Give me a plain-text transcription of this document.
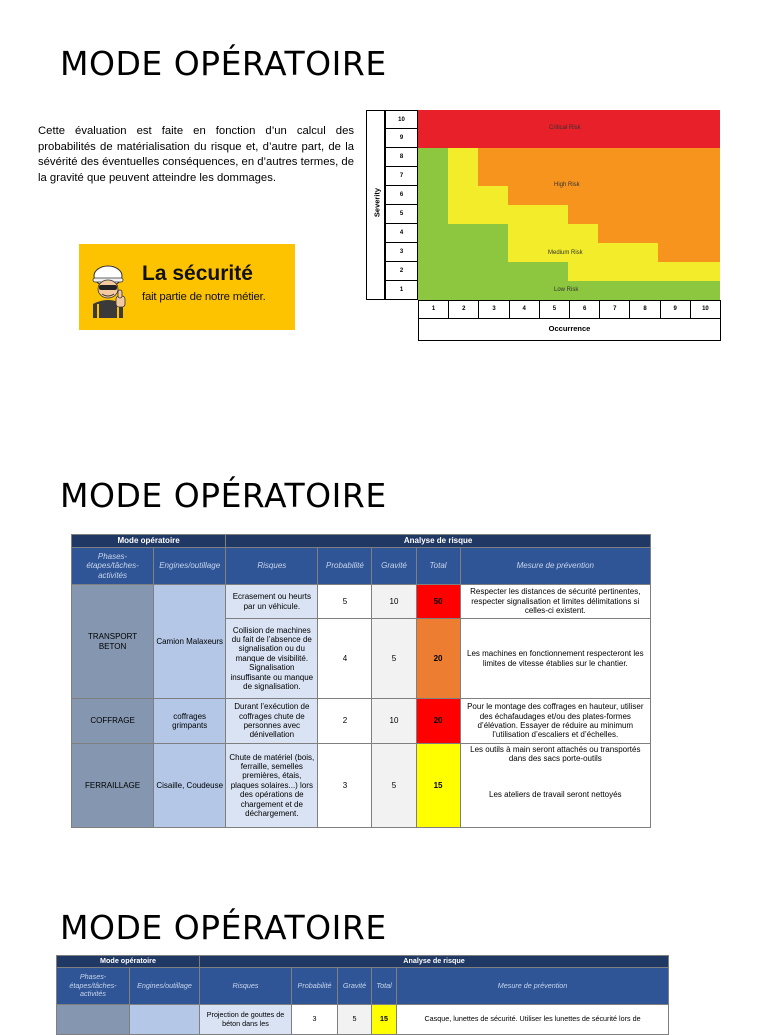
MODE OPÉRATOIRE
MODE OPÉRATOIRE
MODE OPÉRATOIRE
Cette évaluation est faite en fonction d’un calcul des probabilités de matérialisation du risque et, d’autre part, de la sévérité des éventuelles conséquences, en d’autres termes, de la gravité que peuvent atteindre les dommages.
La sécurité
fait partie de notre métier.
Severity
10
9
8
7
6
5
4
3
2
1
Critical Risk
High Risk
Medium Risk
Low Risk
1	2	3	4	5	6	7	8	9	10
Occurrence
Mode opératoire		Analyse de risque				
Phases-étapes/tâches-activités	Engines/outillage	Risques	Probabilité	Gravité	Total	Mesure de prévention
TRANSPORT BETON	Camion Malaxeurs	Ecrasement ou heurts par un véhicule.	5	10	50	Respecter les distances de sécurité pertinentes, respecter signalisation et limites délimitations si celles-ci existent.
		Collision de machines du fait de l’absence de signalisation ou du manque de visibilité. Signalisation insuffisante ou manque de signalisation.	4	5	20	Les machines en fonctionnement respecteront les limites de vitesse établies sur le chantier.
COFFRAGE	coffrages grimpants	Durant l’exécution de coffrages chute de personnes avec dénivellation	2	10	20	Pour le montage des coffrages en hauteur, utiliser des échafaudages et/ou des plates-formes d’élévation. Essayer de réduire au minimum l’utilisation d’escaliers et d’échelles.
FERRAILLAGE	Cisaille, Coudeuse	Chute de matériel (bois, ferraille, semelles premières, étais, plaques solaires...) lors des opérations de chargement et de déchargement.	3	5	15	Les outils à main seront attachés ou transportés dans des sacs porte-outils
Les ateliers de travail seront nettoyés
Mode opératoire		Analyse de risque				
Phases-étapes/tâches-activités	Engines/outillage	Risques	Probabilité	Gravité	Total	Mesure de prévention
		Projection de gouttes de béton dans les	3	5	15	Casque, lunettes de sécurité. Utiliser les lunettes de sécurité lors de
